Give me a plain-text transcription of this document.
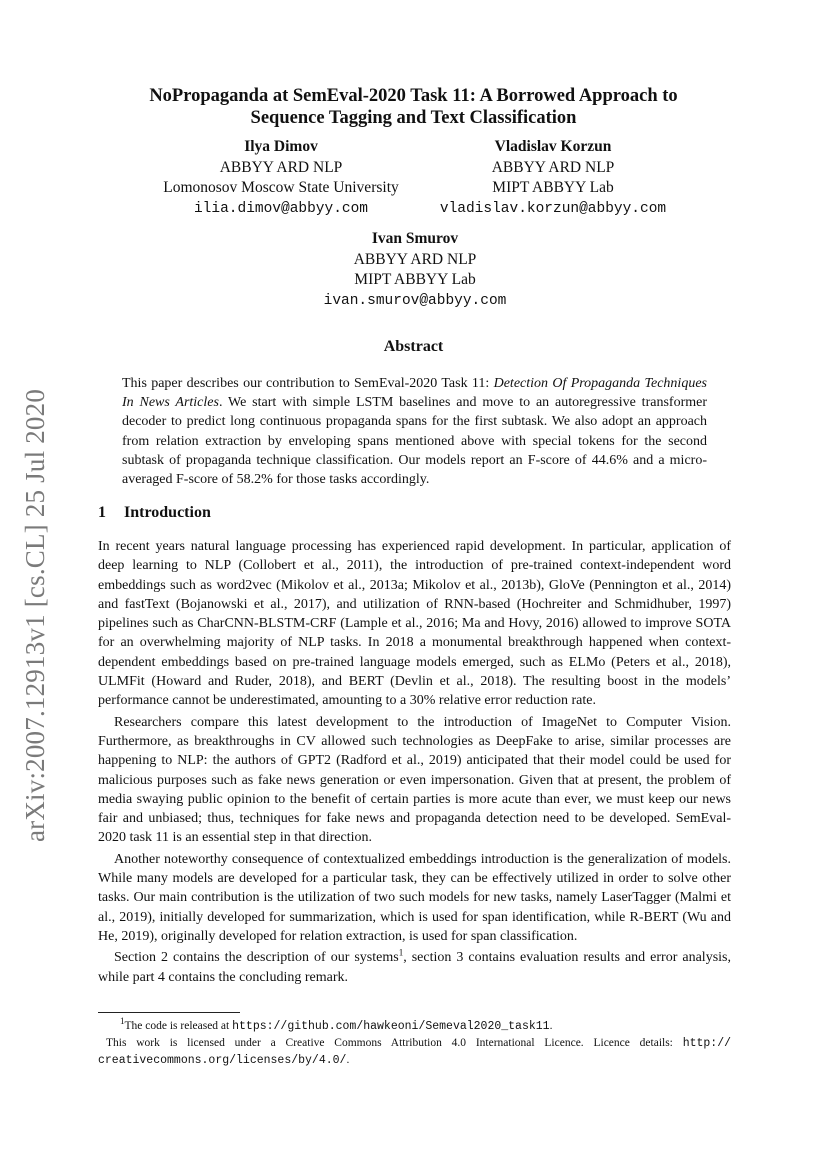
arXiv:2007.12913v1 [cs.CL] 25 Jul 2020
NoPropaganda at SemEval-2020 Task 11: A Borrowed Approach to
Sequence Tagging and Text Classification
Ilya Dimov
ABBYY ARD NLP
Lomonosov Moscow State University
ilia.dimov@abbyy.com
Vladislav Korzun
ABBYY ARD NLP
MIPT ABBYY Lab
vladislav.korzun@abbyy.com
Ivan Smurov
ABBYY ARD NLP
MIPT ABBYY Lab
ivan.smurov@abbyy.com
Abstract
This paper describes our contribution to SemEval-2020 Task 11: Detection Of Propaganda Techniques In News Articles. We start with simple LSTM baselines and move to an autoregressive transformer decoder to predict long continuous propaganda spans for the first subtask. We also adopt an approach from relation extraction by enveloping spans mentioned above with special tokens for the second subtask of propaganda technique classification. Our models report an F-score of 44.6% and a micro-averaged F-score of 58.2% for those tasks accordingly.
1 Introduction

In recent years natural language processing has experienced rapid development. In particular, application of deep learning to NLP (Collobert et al., 2011), the introduction of pre-trained context-independent word embeddings such as word2vec (Mikolov et al., 2013a; Mikolov et al., 2013b), GloVe (Pennington et al., 2014) and fastText (Bojanowski et al., 2017), and utilization of RNN-based (Hochreiter and Schmidhuber, 1997) pipelines such as CharCNN-BLSTM-CRF (Lample et al., 2016; Ma and Hovy, 2016) allowed to improve SOTA for an overwhelming majority of NLP tasks. In 2018 a monumental breakthrough happened when context-dependent embeddings based on pre-trained language models emerged, such as ELMo (Peters et al., 2018), ULMFit (Howard and Ruder, 2018), and BERT (Devlin et al., 2018). The resulting boost in the models’ performance cannot be underestimated, amounting to a 30% relative error reduction rate.

Researchers compare this latest development to the introduction of ImageNet to Computer Vision. Furthermore, as breakthroughs in CV allowed such technologies as DeepFake to arise, similar processes are happening to NLP: the authors of GPT2 (Radford et al., 2019) anticipated that their model could be used for malicious purposes such as fake news generation or even impersonation. Given that at present, the problem of media swaying public opinion to the benefit of certain parties is more acute than ever, we must keep our news fair and unbiased; thus, techniques for fake news and propaganda detection need to be developed. SemEval-2020 task 11 is an essential step in that direction.

Another noteworthy consequence of contextualized embeddings introduction is the generalization of models. While many models are developed for a particular task, they can be effectively utilized in order to solve other tasks. Our main contribution is the utilization of two such models for new tasks, namely LaserTagger (Malmi et al., 2019), initially developed for summarization, which is used for span identification, while R-BERT (Wu and He, 2019), originally developed for relation extraction, is used for span classification.

Section 2 contains the description of our systems$^1$, section 3 contains evaluation results and error analysis, while part 4 contains the concluding remark.

$^1$The code is released at https://github.com/hawkeoni/Semeval2020_task11.

This work is licensed under a Creative Commons Attribution 4.0 International Licence. Licence details: http:// creativecommons.org/licenses/by/4.0/.
